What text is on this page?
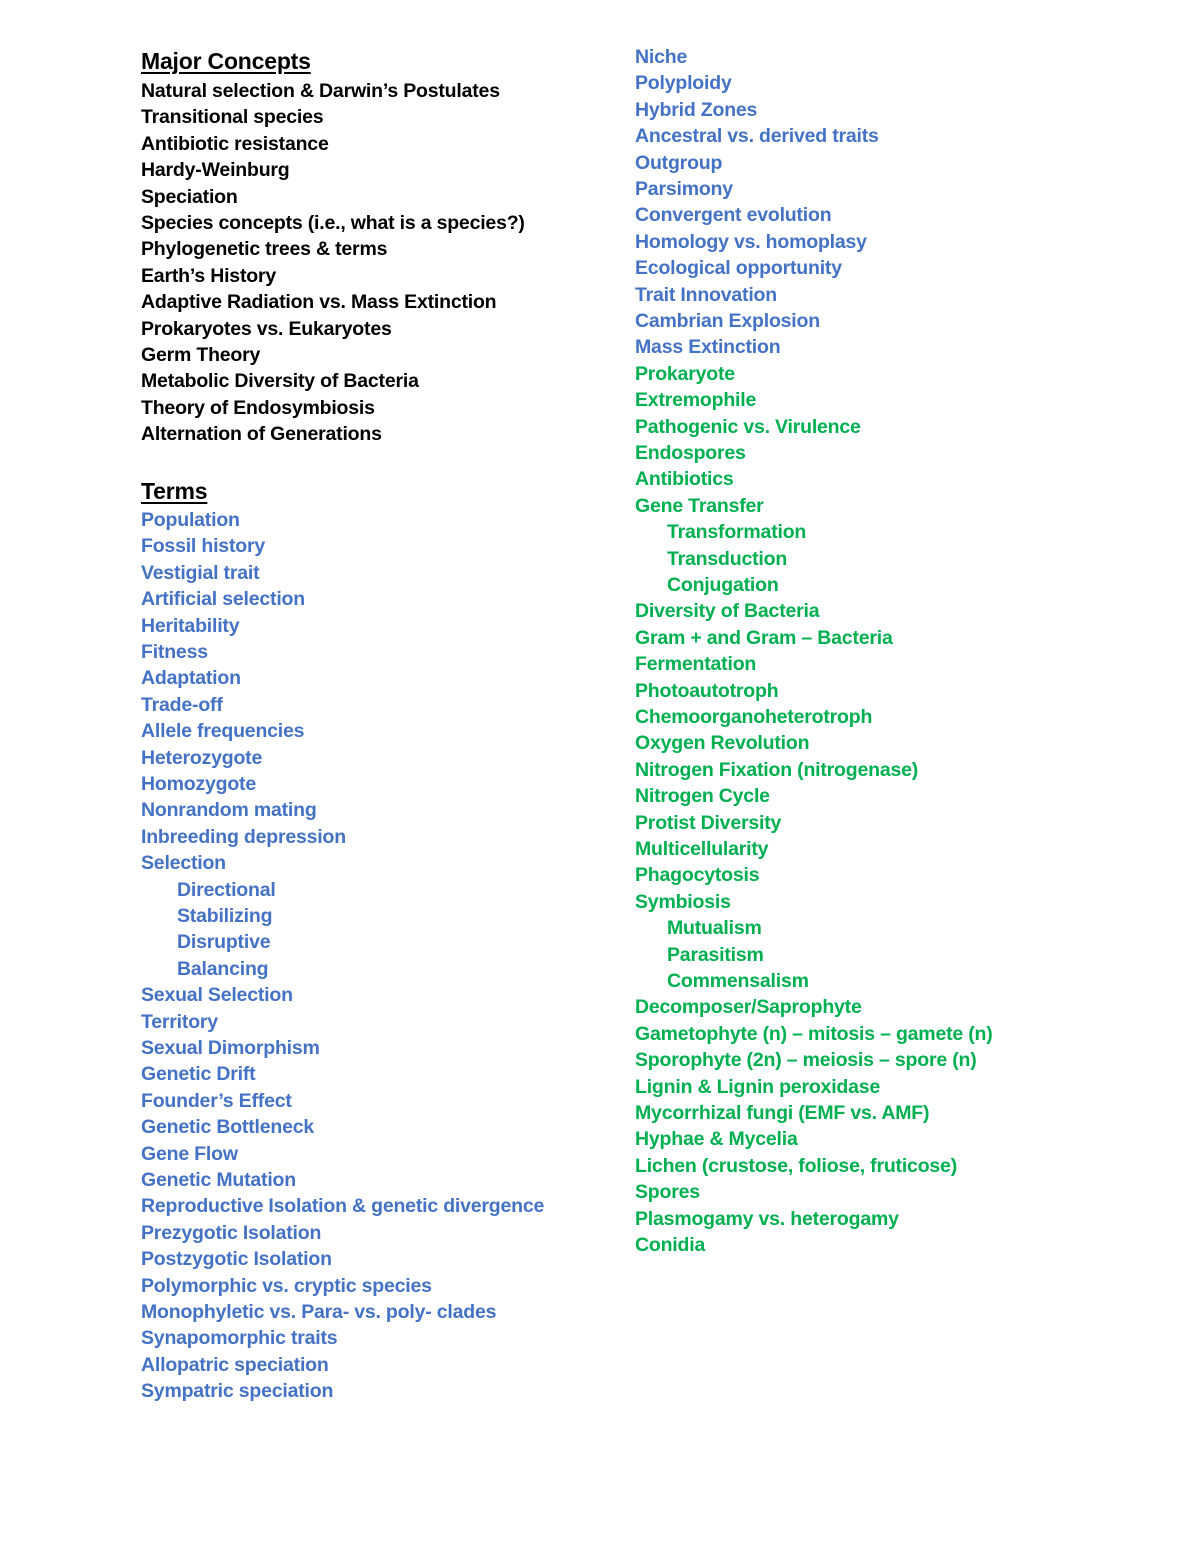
Major Concepts
Natural selection & Darwin’s Postulates
Transitional species
Antibiotic resistance
Hardy-Weinburg
Speciation
Species concepts (i.e., what is a species?)
Phylogenetic trees & terms
Earth’s History
Adaptive Radiation vs. Mass Extinction
Prokaryotes vs. Eukaryotes
Germ Theory
Metabolic Diversity of Bacteria
Theory of Endosymbiosis
Alternation of Generations
Terms
Population
Fossil history
Vestigial trait
Artificial selection
Heritability
Fitness
Adaptation
Trade-off
Allele frequencies
Heterozygote
Homozygote
Nonrandom mating
Inbreeding depression
Selection
Directional
Stabilizing
Disruptive
Balancing
Sexual Selection
Territory
Sexual Dimorphism
Genetic Drift
Founder’s Effect
Genetic Bottleneck
Gene Flow
Genetic Mutation
Reproductive Isolation & genetic divergence
Prezygotic Isolation
Postzygotic Isolation
Polymorphic vs. cryptic species
Monophyletic vs. Para- vs. poly- clades
Synapomorphic traits
Allopatric speciation
Sympatric speciation
Niche
Polyploidy
Hybrid Zones
Ancestral vs. derived traits
Outgroup
Parsimony
Convergent evolution
Homology vs. homoplasy
Ecological opportunity
Trait Innovation
Cambrian Explosion
Mass Extinction
Prokaryote
Extremophile
Pathogenic vs. Virulence
Endospores
Antibiotics
Gene Transfer
Transformation
Transduction
Conjugation
Diversity of Bacteria
Gram + and Gram – Bacteria
Fermentation
Photoautotroph
Chemoorganoheterotroph
Oxygen Revolution
Nitrogen Fixation (nitrogenase)
Nitrogen Cycle
Protist Diversity
Multicellularity
Phagocytosis
Symbiosis
Mutualism
Parasitism
Commensalism
Decomposer/Saprophyte
Gametophyte (n) – mitosis – gamete (n)
Sporophyte (2n) – meiosis – spore (n)
Lignin & Lignin peroxidase
Mycorrhizal fungi (EMF vs. AMF)
Hyphae & Mycelia
Lichen (crustose, foliose, fruticose)
Spores
Plasmogamy vs. heterogamy
Conidia
